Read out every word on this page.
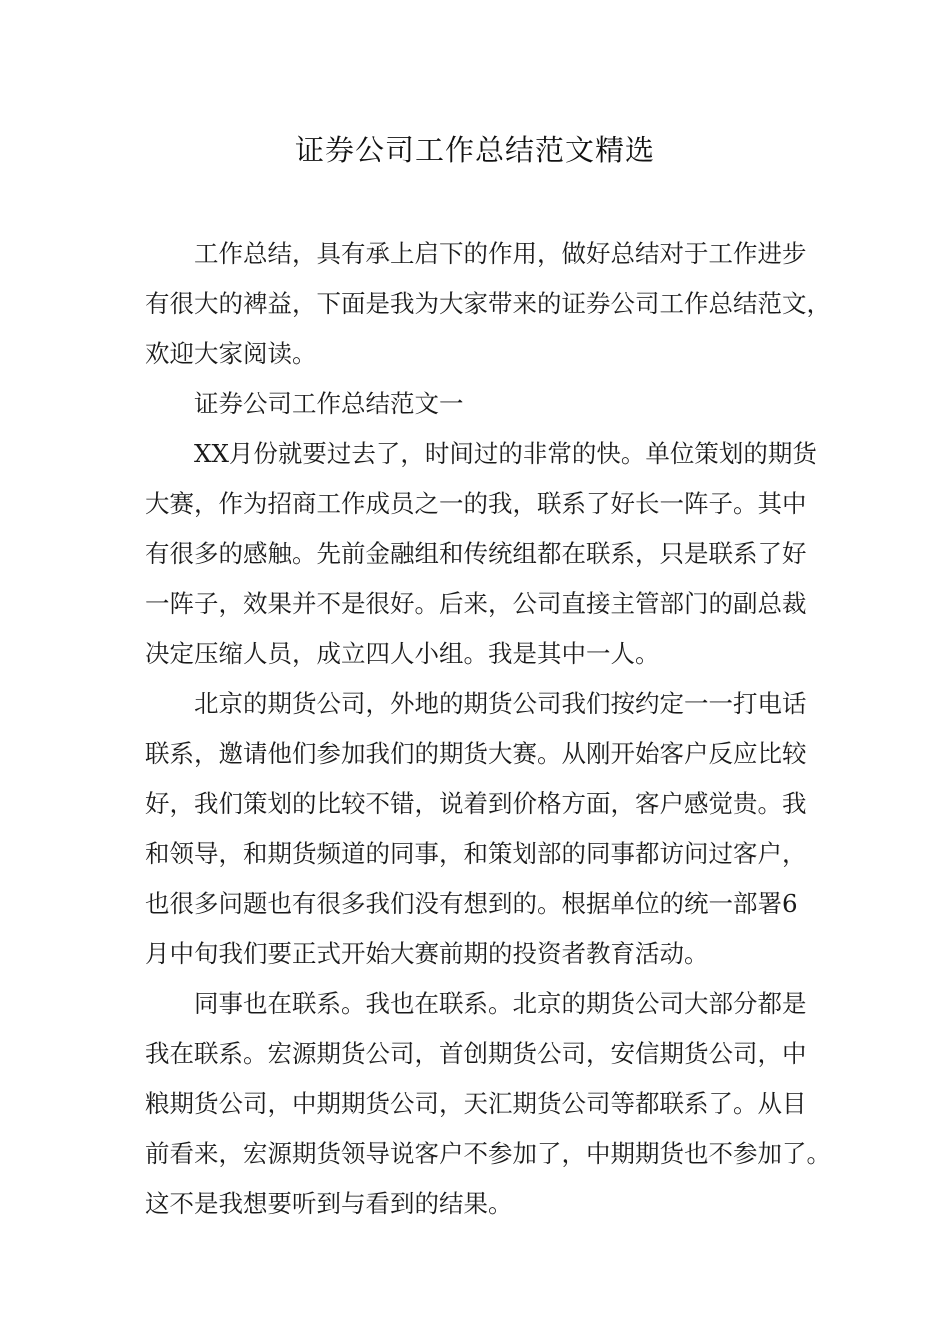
证券公司工作总结范文精选
工作总结，具有承上启下的作用，做好总结对于工作进步
有很大的裨益，下面是我为大家带来的证券公司工作总结范文，
欢迎大家阅读。
证券公司工作总结范文一
XX月份就要过去了，时间过的非常的快。单位策划的期货
大赛，作为招商工作成员之一的我，联系了好长一阵子。其中
有很多的感触。先前金融组和传统组都在联系，只是联系了好
一阵子，效果并不是很好。后来，公司直接主管部门的副总裁
决定压缩人员，成立四人小组。我是其中一人。
北京的期货公司，外地的期货公司我们按约定一一打电话
联系，邀请他们参加我们的期货大赛。从刚开始客户反应比较
好，我们策划的比较不错，说着到价格方面，客户感觉贵。我
和领导，和期货频道的同事，和策划部的同事都访问过客户，
也很多问题也有很多我们没有想到的。根据单位的统一部署6
月中旬我们要正式开始大赛前期的投资者教育活动。
同事也在联系。我也在联系。北京的期货公司大部分都是
我在联系。宏源期货公司，首创期货公司，安信期货公司，中
粮期货公司，中期期货公司，天汇期货公司等都联系了。从目
前看来，宏源期货领导说客户不参加了，中期期货也不参加了。
这不是我想要听到与看到的结果。
